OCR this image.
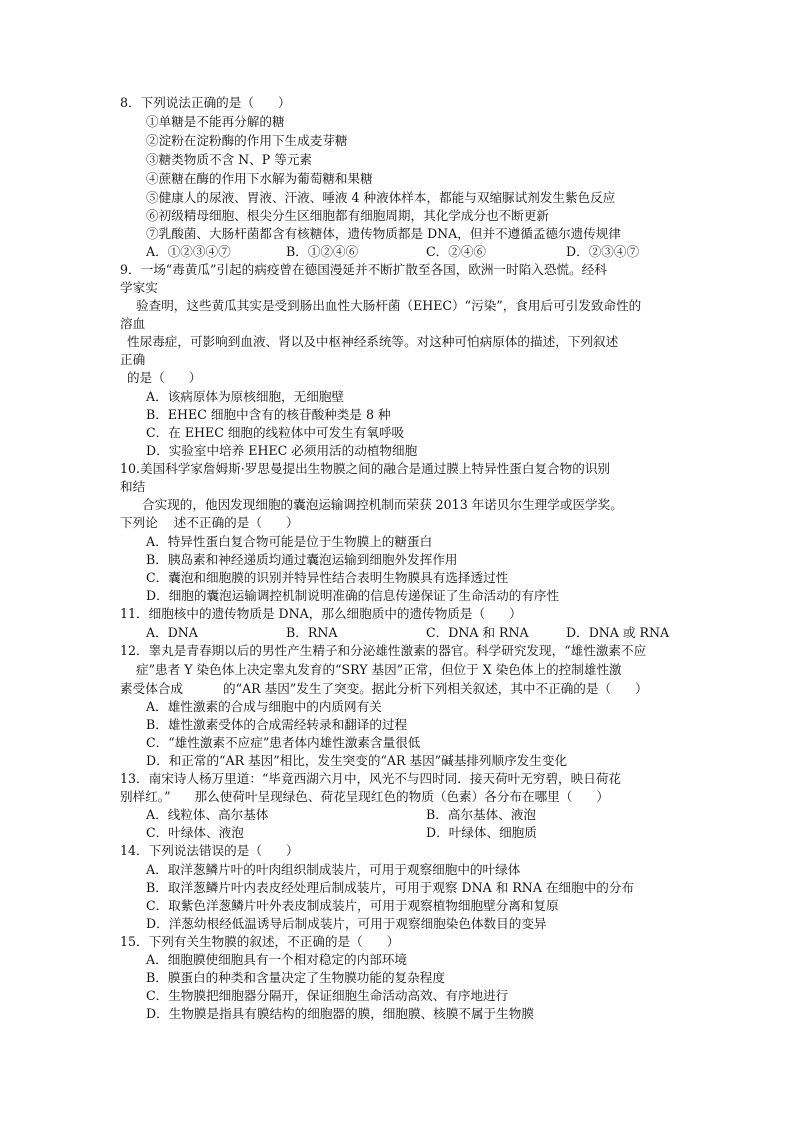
8．下列说法正确的是（      ）
①单糖是不能再分解的糖
②淀粉在淀粉酶的作用下生成麦芽糖
③糖类物质不含 N、P 等元素
④蔗糖在酶的作用下水解为葡萄糖和果糖
⑤健康人的尿液、胃液、汗液、唾液 4 种液体样本，都能与双缩脲试剂发生紫色反应
⑥初级精母细胞、根尖分生区细胞都有细胞周期，其化学成分也不断更新
⑦乳酸菌、大肠杆菌都含有核糖体，遗传物质都是 DNA，但并不遵循孟德尔遗传规律
A．①②③④⑦	B．①②④⑥	C．②④⑥	D．②③④⑦
9．一场“毒黄瓜”引起的病疫曾在德国漫延并不断扩散至各国，欧洲一时陷入恐慌。经科
学家实
验查明，这些黄瓜其实是受到肠出血性大肠杆菌（EHEC）“污染”，食用后可引发致命性的
溶血
性尿毒症，可影响到血液、肾以及中枢神经系统等。对这种可怕病原体的描述，下列叙述
正确
的是（      ）
A．该病原体为原核细胞，无细胞壁
B．EHEC 细胞中含有的核苷酸种类是 8 种
C．在 EHEC 细胞的线粒体中可发生有氧呼吸
D．实验室中培养 EHEC 必须用活的动植物细胞
10.美国科学家詹姆斯·罗思曼提出生物膜之间的融合是通过膜上特异性蛋白复合物的识别
和结
合实现的，他因发现细胞的囊泡运输调控机制而荣获 2013 年诺贝尔生理学或医学奖。
下列论    述不正确的是（      ）
A．特异性蛋白复合物可能是位于生物膜上的糖蛋白
B．胰岛素和神经递质均通过囊泡运输到细胞外发挥作用
C．囊泡和细胞膜的识别并特异性结合表明生物膜具有选择透过性
D．细胞的囊泡运输调控机制说明准确的信息传递保证了生命活动的有序性
11．细胞核中的遗传物质是 DNA，那么细胞质中的遗传物质是（      ）
A．DNA	B．RNA	C．DNA 和 RNA	D．DNA 或 RNA
12．睾丸是青春期以后的男性产生精子和分泌雄性激素的器官。科学研究发现，“雄性激素不应
症”患者 Y 染色体上决定睾丸发育的“SRY 基因”正常，但位于 X 染色体上的控制雄性激
素受体合成          的“AR 基因”发生了突变。据此分析下列相关叙述，其中不正确的是（      ）
A．雄性激素的合成与细胞中的内质网有关
B．雄性激素受体的合成需经转录和翻译的过程
C．“雄性激素不应症”患者体内雄性激素含量很低
D．和正常的“AR 基因”相比，发生突变的“AR 基因”碱基排列顺序发生变化
13．南宋诗人杨万里道：“毕竟西湖六月中，风光不与四时同．接天荷叶无穷碧，映日荷花
别样红。”      那么使荷叶呈现绿色、荷花呈现红色的物质（色素）各分布在哪里（      ）
A．线粒体、高尔基体	B．高尔基体、液泡
C．叶绿体、液泡	D．叶绿体、细胞质
14．下列说法错误的是（      ）
A．取洋葱鳞片叶的叶肉组织制成装片，可用于观察细胞中的叶绿体
B．取洋葱鳞片叶内表皮经处理后制成装片，可用于观察 DNA 和 RNA 在细胞中的分布
C．取紫色洋葱鳞片叶外表皮制成装片，可用于观察植物细胞壁分离和复原
D．洋葱幼根经低温诱导后制成装片，可用于观察细胞染色体数目的变异
15．下列有关生物膜的叙述，不正确的是（      ）
A．细胞膜使细胞具有一个相对稳定的内部环境
B．膜蛋白的种类和含量决定了生物膜功能的复杂程度
C．生物膜把细胞器分隔开，保证细胞生命活动高效、有序地进行
D．生物膜是指具有膜结构的细胞器的膜，细胞膜、核膜不属于生物膜
